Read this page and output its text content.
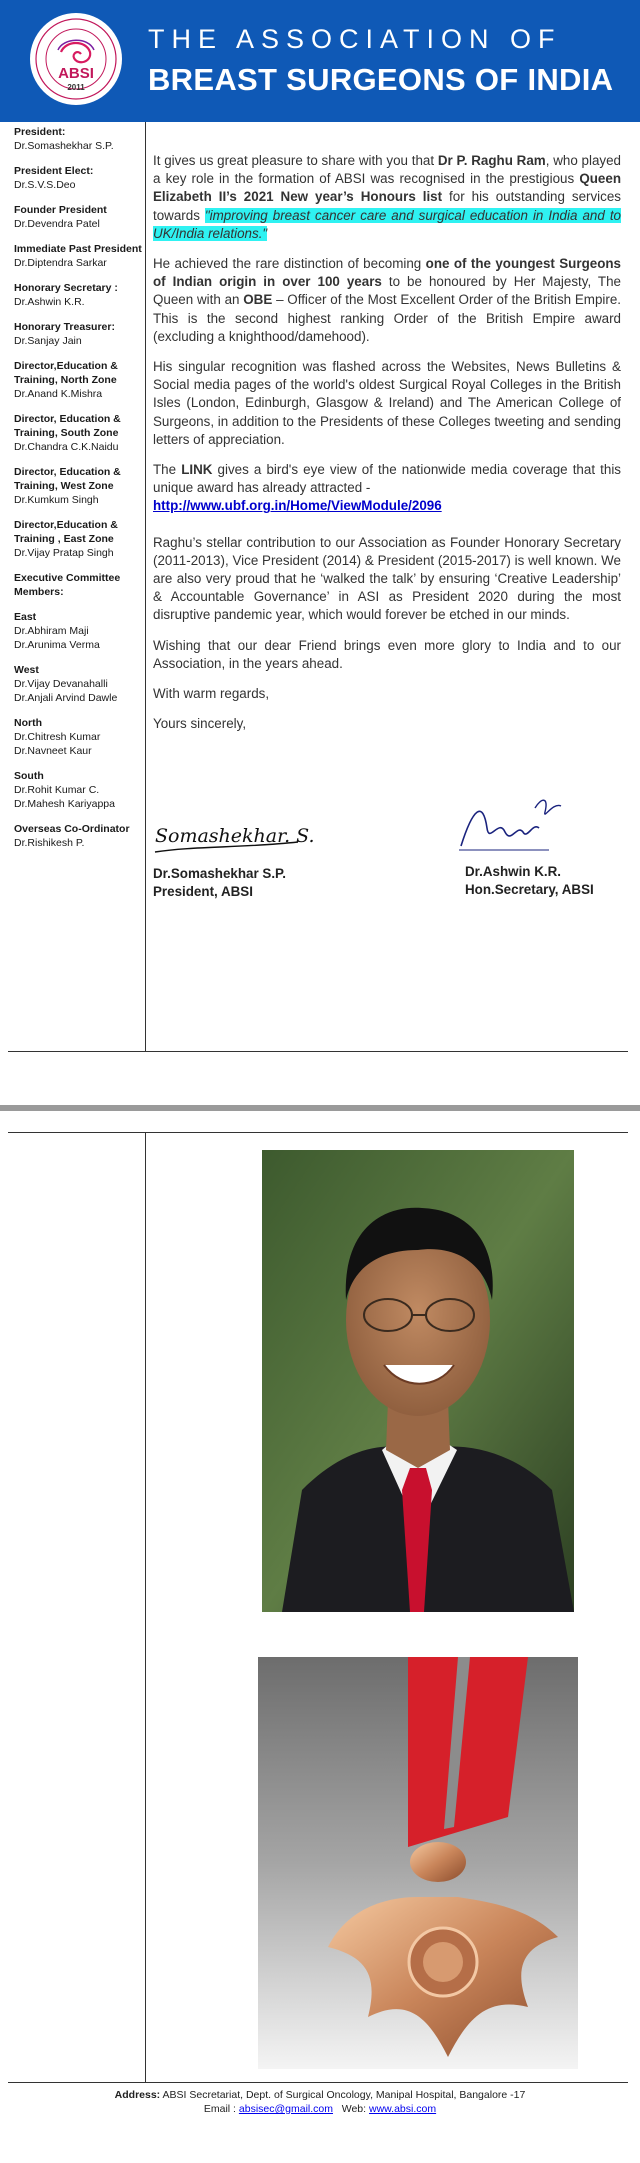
ABSI
2011
THE ASSOCIATION OF
BREAST SURGEONS OF INDIA
President:
Dr.Somashekhar S.P.
President Elect:
Dr.S.V.S.Deo
Founder President
Dr.Devendra Patel
Immediate Past President
Dr.Diptendra Sarkar
Honorary Secretary :
Dr.Ashwin K.R.
Honorary Treasurer:
Dr.Sanjay Jain
Director,Education & Training, North Zone
Dr.Anand K.Mishra
Director, Education & Training, South Zone
Dr.Chandra C.K.Naidu
Director, Education & Training, West Zone
Dr.Kumkum Singh
Director,Education & Training , East Zone
Dr.Vijay Pratap Singh
Executive Committee Members:
East
Dr.Abhiram Maji
Dr.Arunima Verma
West
Dr.Vijay Devanahalli
Dr.Anjali Arvind Dawle
North
Dr.Chitresh Kumar
Dr.Navneet Kaur
South
Dr.Rohit Kumar C.
Dr.Mahesh Kariyappa
Overseas Co-Ordinator
Dr.Rishikesh P.

It gives us great pleasure to share with you that Dr P. Raghu Ram, who played a key role in the formation of ABSI was recognised in the prestigious Queen Elizabeth II’s 2021 New year’s Honours list for his outstanding services towards "improving breast cancer care and surgical education in India and to UK/India relations."

He achieved the rare distinction of becoming one of the youngest Surgeons of Indian origin in over 100 years to be honoured by Her Majesty, The Queen with an OBE – Officer of the Most Excellent Order of the British Empire. This is the second highest ranking Order of the British Empire award (excluding a knighthood/damehood).

His singular recognition was flashed across the Websites, News Bulletins & Social media pages of the world's oldest Surgical Royal Colleges in the British Isles (London, Edinburgh, Glasgow & Ireland) and The American College of Surgeons, in addition to the Presidents of these Colleges tweeting and sending letters of appreciation.

The LINK gives a bird's eye view of the nationwide media coverage that this unique award has already attracted -
http://www.ubf.org.in/Home/ViewModule/2096

Raghu’s stellar contribution to our Association as Founder Honorary Secretary (2011-2013), Vice President (2014) & President (2015-2017) is well known. We are also very proud that he ‘walked the talk’ by ensuring ‘Creative Leadership’ & Accountable Governance’ in ASI as President 2020 during the most disruptive pandemic year, which would forever be etched in our minds.

Wishing that our dear Friend brings even more glory to India and to our Association, in the years ahead.

With warm regards,

Yours sincerely,

Somashekhar. S.P
Dr.Somashekhar S.P.
President, ABSI
Dr.Ashwin K.R.
Hon.Secretary, ABSI
Address: ABSI Secretariat, Dept. of Surgical Oncology, Manipal Hospital, Bangalore -17
Email : absisec@gmail.com   Web: www.absi.com
